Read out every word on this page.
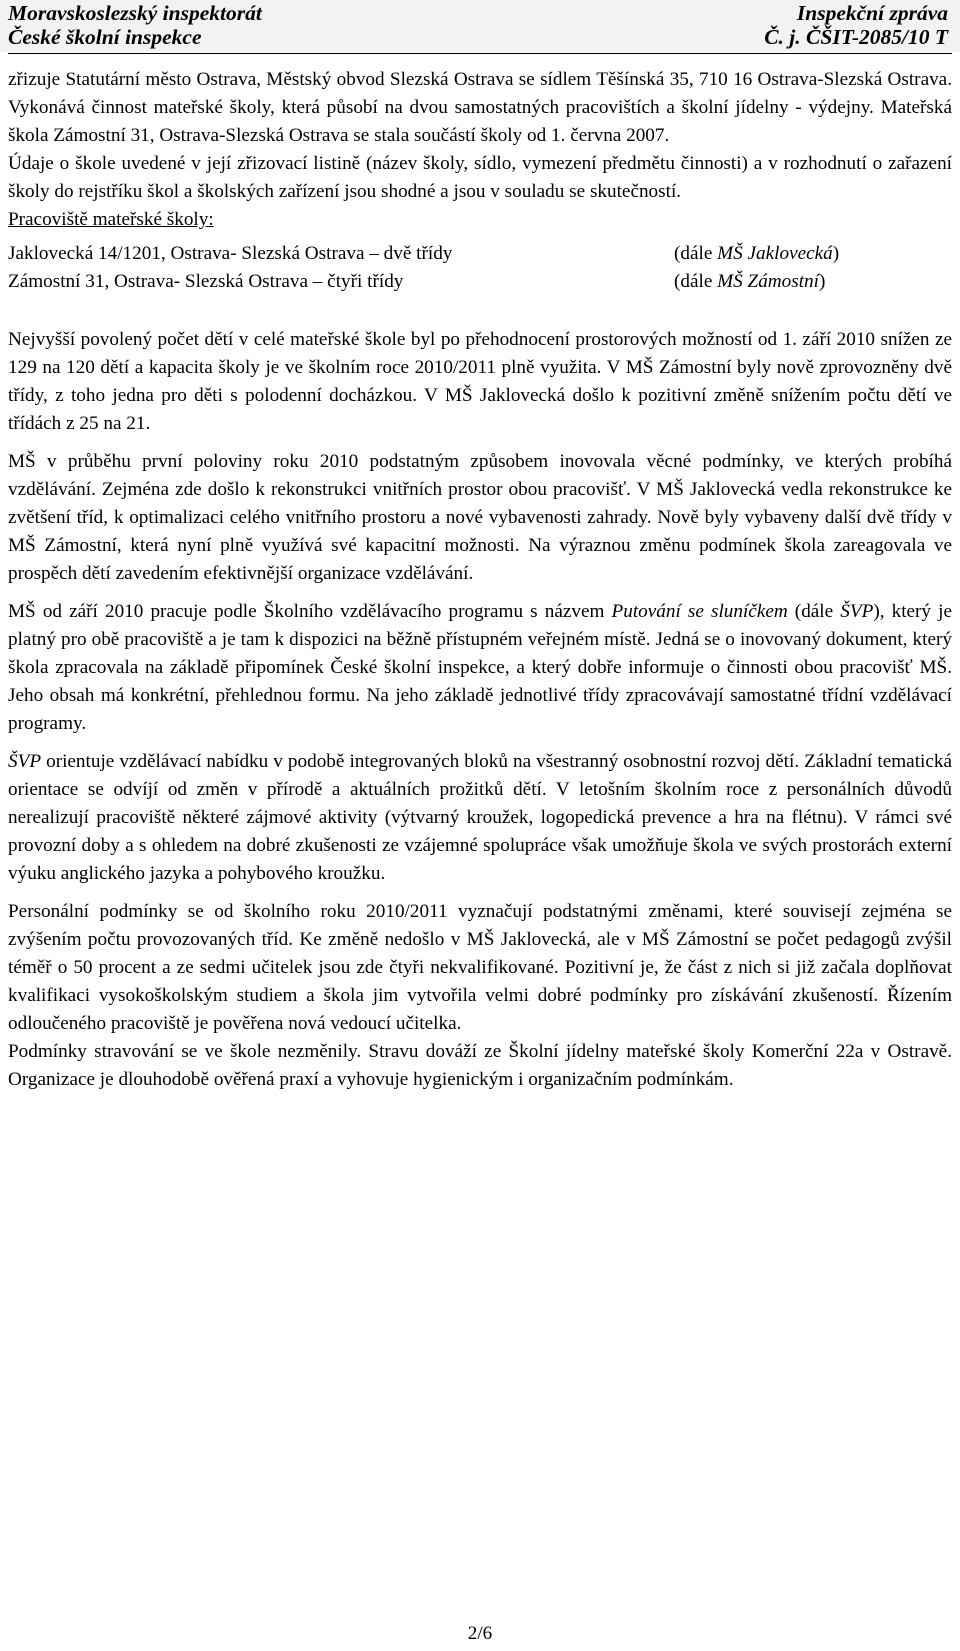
Moravskoslezský inspektorát
České školní inspekce
Inspekční zpráva
Č. j. ČŠIT-2085/10 T

zřizuje Statutární město Ostrava, Městský obvod Slezská Ostrava se sídlem Těšínská 35, 710 16 Ostrava-Slezská Ostrava. Vykonává činnost mateřské školy, která působí na dvou samostatných pracovištích a školní jídelny - výdejny. Mateřská škola Zámostní 31, Ostrava-Slezská Ostrava se stala součástí školy od 1. června 2007.

Údaje o škole uvedené v její zřizovací listině (název školy, sídlo, vymezení předmětu činnosti) a v rozhodnutí o zařazení školy do rejstříku škol a školských zařízení jsou shodné a jsou v souladu se skutečností.

Pracoviště mateřské školy:

Jaklovecká 14/1201, Ostrava- Slezská Ostrava – dvě třídy	(dále MŠ Jaklovecká)
Zámostní 31, Ostrava- Slezská Ostrava – čtyři třídy	(dále MŠ Zámostní)

Nejvyšší povolený počet dětí v celé mateřské škole byl po přehodnocení prostorových možností od 1. září 2010 snížen ze 129 na 120 dětí a kapacita školy je ve školním roce 2010/2011 plně využita. V MŠ Zámostní byly nově zprovozněny dvě třídy, z toho jedna pro děti s polodenní docházkou. V MŠ Jaklovecká došlo k pozitivní změně snížením počtu dětí ve třídách z 25 na 21.

MŠ v průběhu první poloviny roku 2010 podstatným způsobem inovovala věcné podmínky, ve kterých probíhá vzdělávání. Zejména zde došlo k rekonstrukci vnitřních prostor obou pracovišť. V MŠ Jaklovecká vedla rekonstrukce ke zvětšení tříd, k optimalizaci celého vnitřního prostoru a nové vybavenosti zahrady. Nově byly vybaveny další dvě třídy v MŠ Zámostní, která nyní plně využívá své kapacitní možnosti. Na výraznou změnu podmínek škola zareagovala ve prospěch dětí zavedením efektivnější organizace vzdělávání.

MŠ od září 2010 pracuje podle Školního vzdělávacího programu s názvem Putování se sluníčkem (dále ŠVP), který je platný pro obě pracoviště a je tam k dispozici na běžně přístupném veřejném místě. Jedná se o inovovaný dokument, který škola zpracovala na základě připomínek České školní inspekce, a který dobře informuje o činnosti obou pracovišť MŠ. Jeho obsah má konkrétní, přehlednou formu. Na jeho základě jednotlivé třídy zpracovávají samostatné třídní vzdělávací programy.

ŠVP orientuje vzdělávací nabídku v podobě integrovaných bloků na všestranný osobnostní rozvoj dětí. Základní tematická orientace se odvíjí od změn v přírodě a aktuálních prožitků dětí. V letošním školním roce z personálních důvodů nerealizují pracoviště některé zájmové aktivity (výtvarný kroužek, logopedická prevence a hra na flétnu). V rámci své provozní doby a s ohledem na dobré zkušenosti ze vzájemné spolupráce však umožňuje škola ve svých prostorách externí výuku anglického jazyka a pohybového kroužku.

Personální podmínky se od školního roku 2010/2011 vyznačují podstatnými změnami, které souvisejí zejména se zvýšením počtu provozovaných tříd. Ke změně nedošlo v MŠ Jaklovecká, ale v MŠ Zámostní se počet pedagogů zvýšil téměř o 50 procent a ze sedmi učitelek jsou zde čtyři nekvalifikované. Pozitivní je, že část z nich si již začala doplňovat kvalifikaci vysokoškolským studiem a škola jim vytvořila velmi dobré podmínky pro získávání zkušeností. Řízením odloučeného pracoviště je pověřena nová vedoucí učitelka.

Podmínky stravování se ve škole nezměnily. Stravu dováží ze Školní jídelny mateřské školy Komerční 22a v Ostravě. Organizace je dlouhodobě ověřená praxí a vyhovuje hygienickým i organizačním podmínkám.

2/6
